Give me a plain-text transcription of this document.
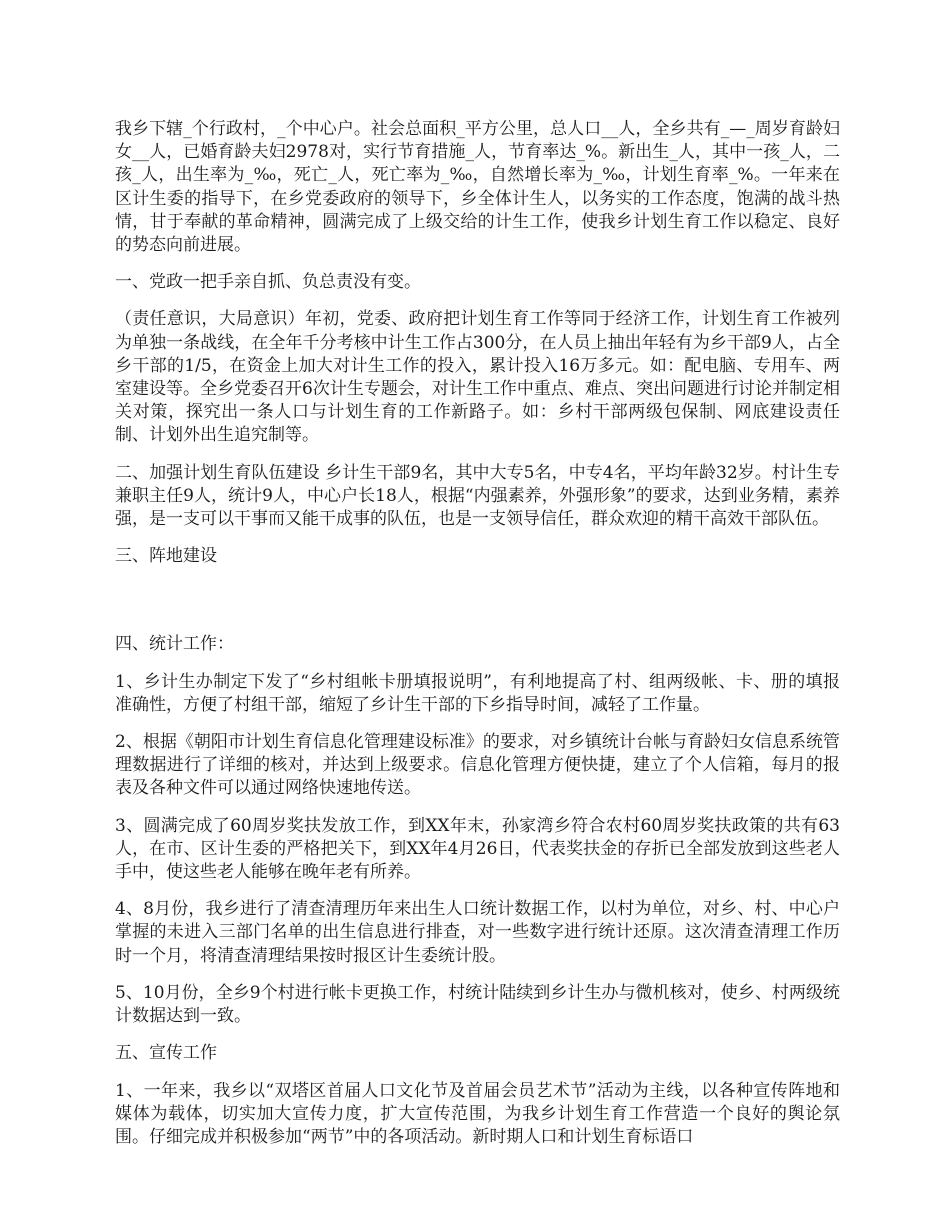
我乡下辖_个行政村，_个中心户。社会总面积_平方公里，总人口__人，全乡共有_—_周岁育龄妇女__人，已婚育龄夫妇2978对，实行节育措施_人，节育率达_%。新出生_人，其中一孩_人，二孩_人，出生率为_‰，死亡_人，死亡率为_‰，自然增长率为_‰，计划生育率_%。一年来在区计生委的指导下，在乡党委政府的领导下，乡全体计生人，以务实的工作态度，饱满的战斗热情，甘于奉献的革命精神，圆满完成了上级交给的计生工作，使我乡计划生育工作以稳定、良好的势态向前进展。

一、党政一把手亲自抓、负总责没有变。

（责任意识，大局意识）年初，党委、政府把计划生育工作等同于经济工作，计划生育工作被列为单独一条战线，在全年千分考核中计生工作占300分，在人员上抽出年轻有为乡干部9人，占全乡干部的1/5，在资金上加大对计生工作的投入，累计投入16万多元。如：配电脑、专用车、两室建设等。全乡党委召开6次计生专题会，对计生工作中重点、难点、突出问题进行讨论并制定相关对策，探究出一条人口与计划生育的工作新路子。如：乡村干部两级包保制、网底建设责任制、计划外出生追究制等。

二、加强计划生育队伍建设 乡计生干部9名，其中大专5名，中专4名，平均年龄32岁。村计生专兼职主任9人，统计9人，中心户长18人，根据“内强素养，外强形象”的要求，达到业务精，素养强，是一支可以干事而又能干成事的队伍，也是一支领导信任，群众欢迎的精干高效干部队伍。

三、阵地建设

四、统计工作：

1、乡计生办制定下发了“乡村组帐卡册填报说明”，有利地提高了村、组两级帐、卡、册的填报准确性，方便了村组干部，缩短了乡计生干部的下乡指导时间，减轻了工作量。

2、根据《朝阳市计划生育信息化管理建设标准》的要求，对乡镇统计台帐与育龄妇女信息系统管理数据进行了详细的核对，并达到上级要求。信息化管理方便快捷，建立了个人信箱，每月的报表及各种文件可以通过网络快速地传送。

3、圆满完成了60周岁奖扶发放工作，到XX年末，孙家湾乡符合农村60周岁奖扶政策的共有63人，在市、区计生委的严格把关下，到XX年4月26日，代表奖扶金的存折已全部发放到这些老人手中，使这些老人能够在晚年老有所养。

4、8月份，我乡进行了清查清理历年来出生人口统计数据工作，以村为单位，对乡、村、中心户掌握的未进入三部门名单的出生信息进行排查，对一些数字进行统计还原。这次清查清理工作历时一个月，将清查清理结果按时报区计生委统计股。

5、10月份，全乡9个村进行帐卡更换工作，村统计陆续到乡计生办与微机核对，使乡、村两级统计数据达到一致。

五、宣传工作

1、一年来，我乡以“双塔区首届人口文化节及首届会员艺术节”活动为主线，以各种宣传阵地和媒体为载体，切实加大宣传力度，扩大宣传范围，为我乡计划生育工作营造一个良好的舆论氛围。仔细完成并积极参加“两节”中的各项活动。新时期人口和计划生育标语口
